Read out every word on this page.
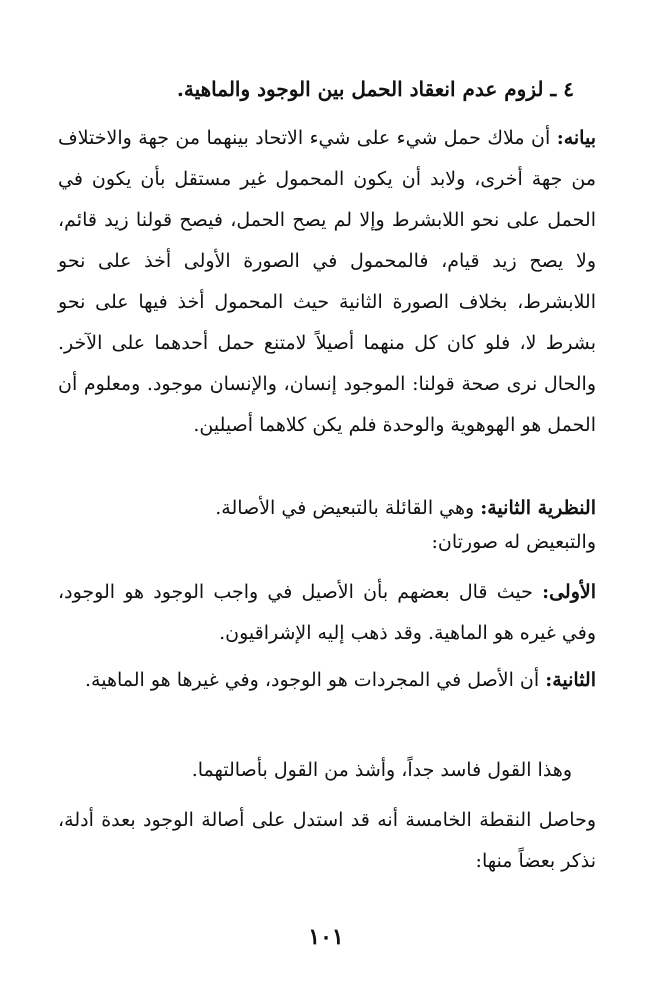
٤ ـ لزوم عدم انعقاد الحمل بين الوجود والماهية.

بيانه: أن ملاك حمل شيء على شيء الاتحاد بينهما من جهة والاختلاف من جهة أخرى، ولابد أن يكون المحمول غير مستقل بأن يكون في الحمل على نحو اللابشرط وإلا لم يصح الحمل، فيصح قولنا زيد قائم، ولا يصح زيد قيام، فالمحمول في الصورة الأولى أخذ على نحو اللابشرط، بخلاف الصورة الثانية حيث المحمول أخذ فيها على نحو بشرط لا، فلو كان كل منهما أصيلاً لامتنع حمل أحدهما على الآخر. والحال نرى صحة قولنا: الموجود إنسان، والإنسان موجود. ومعلوم أن الحمل هو الهوهوية والوحدة فلم يكن كلاهما أصيلين.

النظرية الثانية: وهي القائلة بالتبعيض في الأصالة.

والتبعيض له صورتان:

الأولى: حيث قال بعضهم بأن الأصيل في واجب الوجود هو الوجود، وفي غيره هو الماهية. وقد ذهب إليه الإشراقيون.

الثانية: أن الأصل في المجردات هو الوجود، وفي غيرها هو الماهية.

وهذا القول فاسد جداً، وأشذ من القول بأصالتهما.

وحاصل النقطة الخامسة أنه قد استدل على أصالة الوجود بعدة أدلة، نذكر بعضاً منها:

١٠١
